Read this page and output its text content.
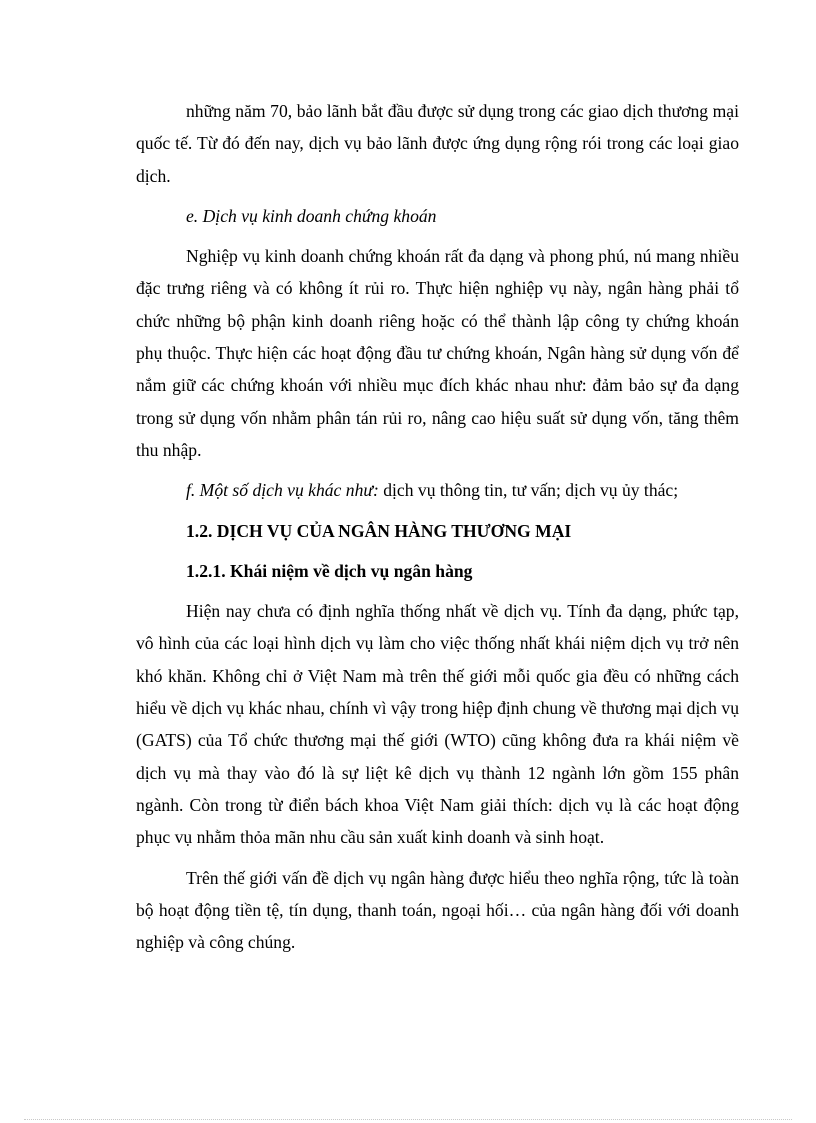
những năm 70, bảo lãnh bắt đầu được sử dụng trong các giao dịch thương mại quốc tế. Từ đó đến nay, dịch vụ bảo lãnh được ứng dụng rộng rói trong các loại giao dịch.

e. Dịch vụ kinh doanh chứng khoán

Nghiệp vụ kinh doanh chứng khoán rất đa dạng và phong phú, nú mang nhiều đặc trưng riêng và có không ít rủi ro. Thực hiện nghiệp vụ này, ngân hàng phải tổ chức những bộ phận kinh doanh riêng hoặc có thể thành lập công ty chứng khoán phụ thuộc. Thực hiện các hoạt động đầu tư chứng khoán, Ngân hàng sử dụng vốn để nắm giữ các chứng khoán với nhiều mục đích khác nhau như: đảm bảo sự đa dạng trong sử dụng vốn nhằm phân tán rủi ro, nâng cao hiệu suất sử dụng vốn, tăng thêm thu nhập.

f. Một số dịch vụ khác như: dịch vụ thông tin, tư vấn; dịch vụ ủy thác;

1.2. DỊCH VỤ CỦA NGÂN HÀNG THƯƠNG MẠI

1.2.1. Khái niệm về dịch vụ ngân hàng

Hiện nay chưa có định nghĩa thống nhất về dịch vụ. Tính đa dạng, phức tạp, vô hình của các loại hình dịch vụ làm cho việc thống nhất khái niệm dịch vụ trở nên khó khăn. Không chỉ ở Việt Nam mà trên thế giới mỗi quốc gia đều có những cách hiểu về dịch vụ khác nhau, chính vì vậy trong hiệp định chung về thương mại dịch vụ (GATS) của Tổ chức thương mại thế giới (WTO) cũng không đưa ra khái niệm về dịch vụ mà thay vào đó là sự liệt kê dịch vụ thành 12 ngành lớn gồm 155 phân ngành. Còn trong từ điển bách khoa Việt Nam giải thích: dịch vụ là các hoạt động phục vụ nhằm thỏa mãn nhu cầu sản xuất kinh doanh và sinh hoạt.

Trên thế giới vấn đề dịch vụ ngân hàng được hiểu theo nghĩa rộng, tức là toàn bộ hoạt động tiền tệ, tín dụng, thanh toán, ngoại hối… của ngân hàng đối với doanh nghiệp và công chúng.
